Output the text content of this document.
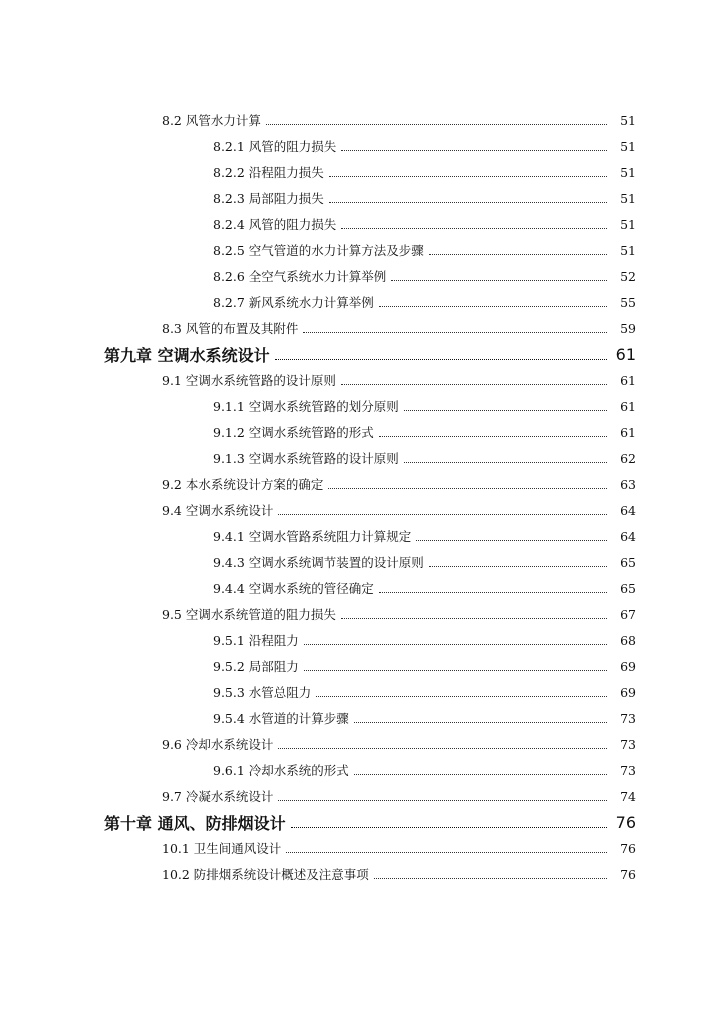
8.2 风管水力计算	51
8.2.1 风管的阻力损失	51
8.2.2 沿程阻力损失	51
8.2.3 局部阻力损失	51
8.2.4 风管的阻力损失	51
8.2.5 空气管道的水力计算方法及步骤	51
8.2.6 全空气系统水力计算举例	52
8.2.7 新风系统水力计算举例	55
8.3 风管的布置及其附件	59
第九章 空调水系统设计	61
9.1 空调水系统管路的设计原则	61
9.1.1 空调水系统管路的划分原则	61
9.1.2 空调水系统管路的形式	61
9.1.3 空调水系统管路的设计原则	62
9.2 本水系统设计方案的确定	63
9.4 空调水系统设计	64
9.4.1 空调水管路系统阻力计算规定	64
9.4.3 空调水系统调节装置的设计原则	65
9.4.4 空调水系统的管径确定	65
9.5 空调水系统管道的阻力损失	67
9.5.1 沿程阻力	68
9.5.2 局部阻力	69
9.5.3 水管总阻力	69
9.5.4 水管道的计算步骤	73
9.6 冷却水系统设计	73
9.6.1 冷却水系统的形式	73
9.7 冷凝水系统设计	74
第十章 通风、防排烟设计	76
10.1 卫生间通风设计	76
10.2 防排烟系统设计概述及注意事项	76
